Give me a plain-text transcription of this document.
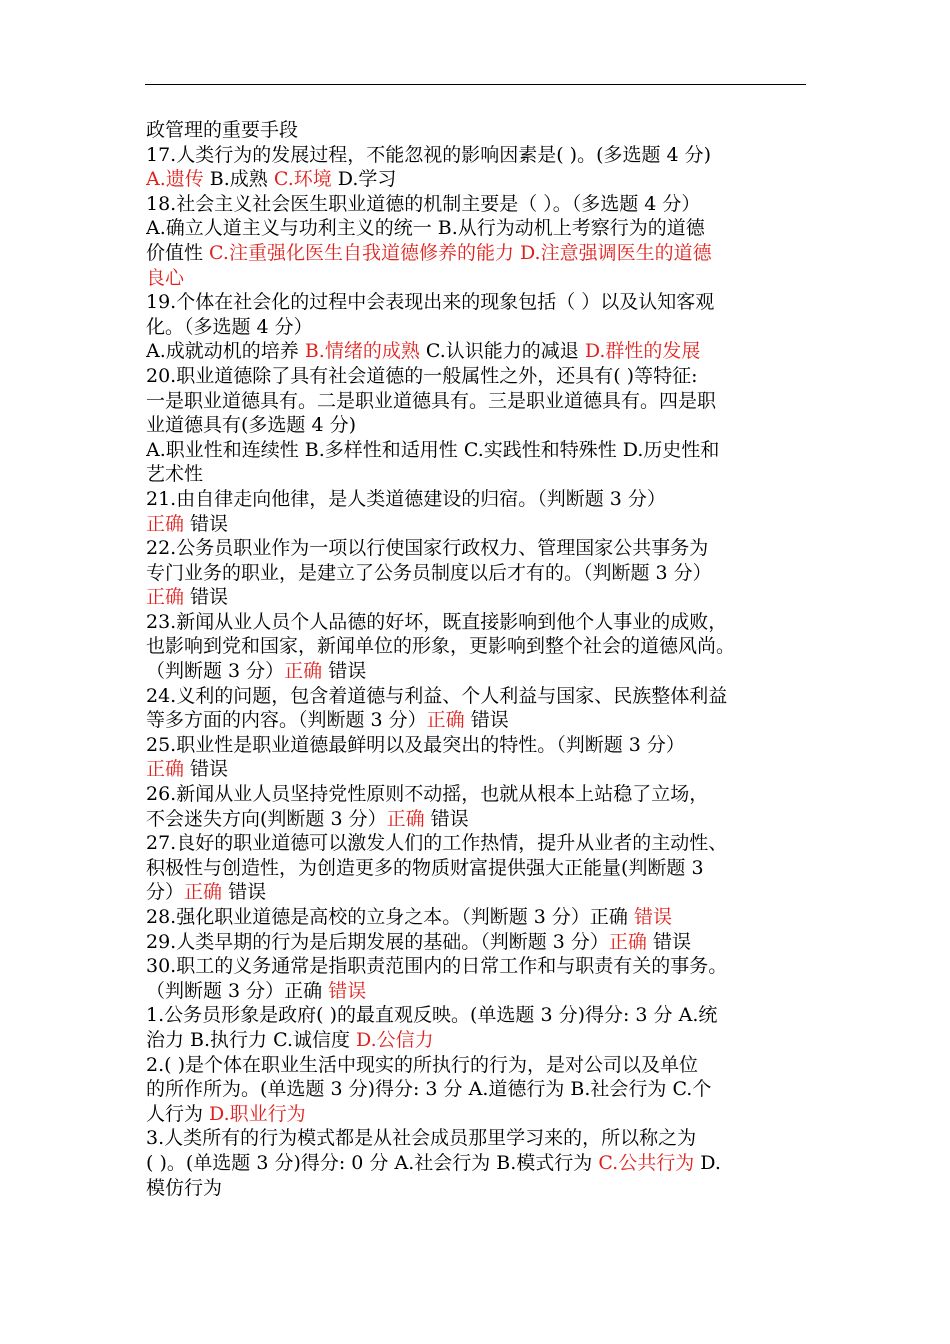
政管理的重要手段
17.人类行为的发展过程，不能忽视的影响因素是( )。(多选题 4 分)
A.遗传 B.成熟 C.环境 D.学习
18.社会主义社会医生职业道德的机制主要是（ ）。（多选题 4 分）
A.确立人道主义与功利主义的统一 B.从行为动机上考察行为的道德
价值性 C.注重强化医生自我道德修养的能力 D.注意强调医生的道德
良心
19.个体在社会化的过程中会表现出来的现象包括（ ）以及认知客观
化。（多选题 4 分）
A.成就动机的培养 B.情绪的成熟 C.认识能力的减退 D.群性的发展
20.职业道德除了具有社会道德的一般属性之外，还具有( )等特征:
一是职业道德具有。二是职业道德具有。三是职业道德具有。四是职
业道德具有(多选题 4 分)
A.职业性和连续性 B.多样性和适用性 C.实践性和特殊性 D.历史性和
艺术性
21.由自律走向他律，是人类道德建设的归宿。（判断题 3 分）
正确 错误
22.公务员职业作为一项以行使国家行政权力、管理国家公共事务为
专门业务的职业，是建立了公务员制度以后才有的。（判断题 3 分）
正确 错误
23.新闻从业人员个人品德的好坏，既直接影响到他个人事业的成败，
也影响到党和国家，新闻单位的形象，更影响到整个社会的道德风尚。
（判断题 3 分）正确 错误
24.义利的问题，包含着道德与利益、个人利益与国家、民族整体利益
等多方面的内容。（判断题 3 分）正确 错误
25.职业性是职业道德最鲜明以及最突出的特性。（判断题 3 分）
正确 错误
26.新闻从业人员坚持党性原则不动摇，也就从根本上站稳了立场，
不会迷失方向(判断题 3 分）正确 错误
27.良好的职业道德可以激发人们的工作热情，提升从业者的主动性、
积极性与创造性，为创造更多的物质财富提供强大正能量(判断题 3
分）正确 错误
28.强化职业道德是高校的立身之本。（判断题 3 分）正确 错误
29.人类早期的行为是后期发展的基础。（判断题 3 分）正确 错误
30.职工的义务通常是指职责范围内的日常工作和与职责有关的事务。
（判断题 3 分）正确 错误
1.公务员形象是政府( )的最直观反映。(单选题 3 分)得分: 3 分 A.统
治力 B.执行力 C.诚信度 D.公信力
2.( )是个体在职业生活中现实的所执行的行为，是对公司以及单位
的所作所为。(单选题 3 分)得分: 3 分 A.道德行为 B.社会行为 C.个
人行为 D.职业行为
3.人类所有的行为模式都是从社会成员那里学习来的，所以称之为
( )。(单选题 3 分)得分: 0 分 A.社会行为 B.模式行为 C.公共行为 D.
模仿行为
